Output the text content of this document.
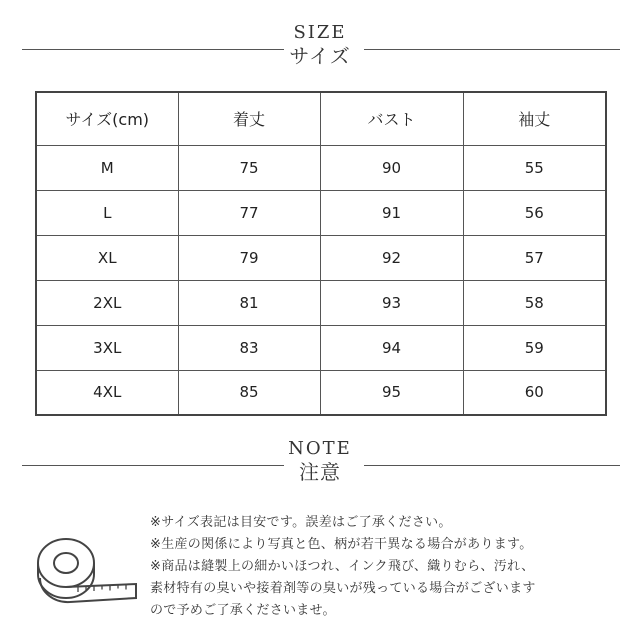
SIZE
サイズ
サイズ(cm)	着丈	バスト	袖丈
M	75	90	55
L	77	91	56
XL	79	92	57
2XL	81	93	58
3XL	83	94	59
4XL	85	95	60
NOTE
注意

※サイズ表記は目安です。誤差はご了承ください。

※生産の関係により写真と色、柄が若干異なる場合があります。

※商品は縫製上の細かいほつれ、インク飛び、織りむら、汚れ、

素材特有の臭いや接着剤等の臭いが残っている場合がございます

ので予めご了承くださいませ。
